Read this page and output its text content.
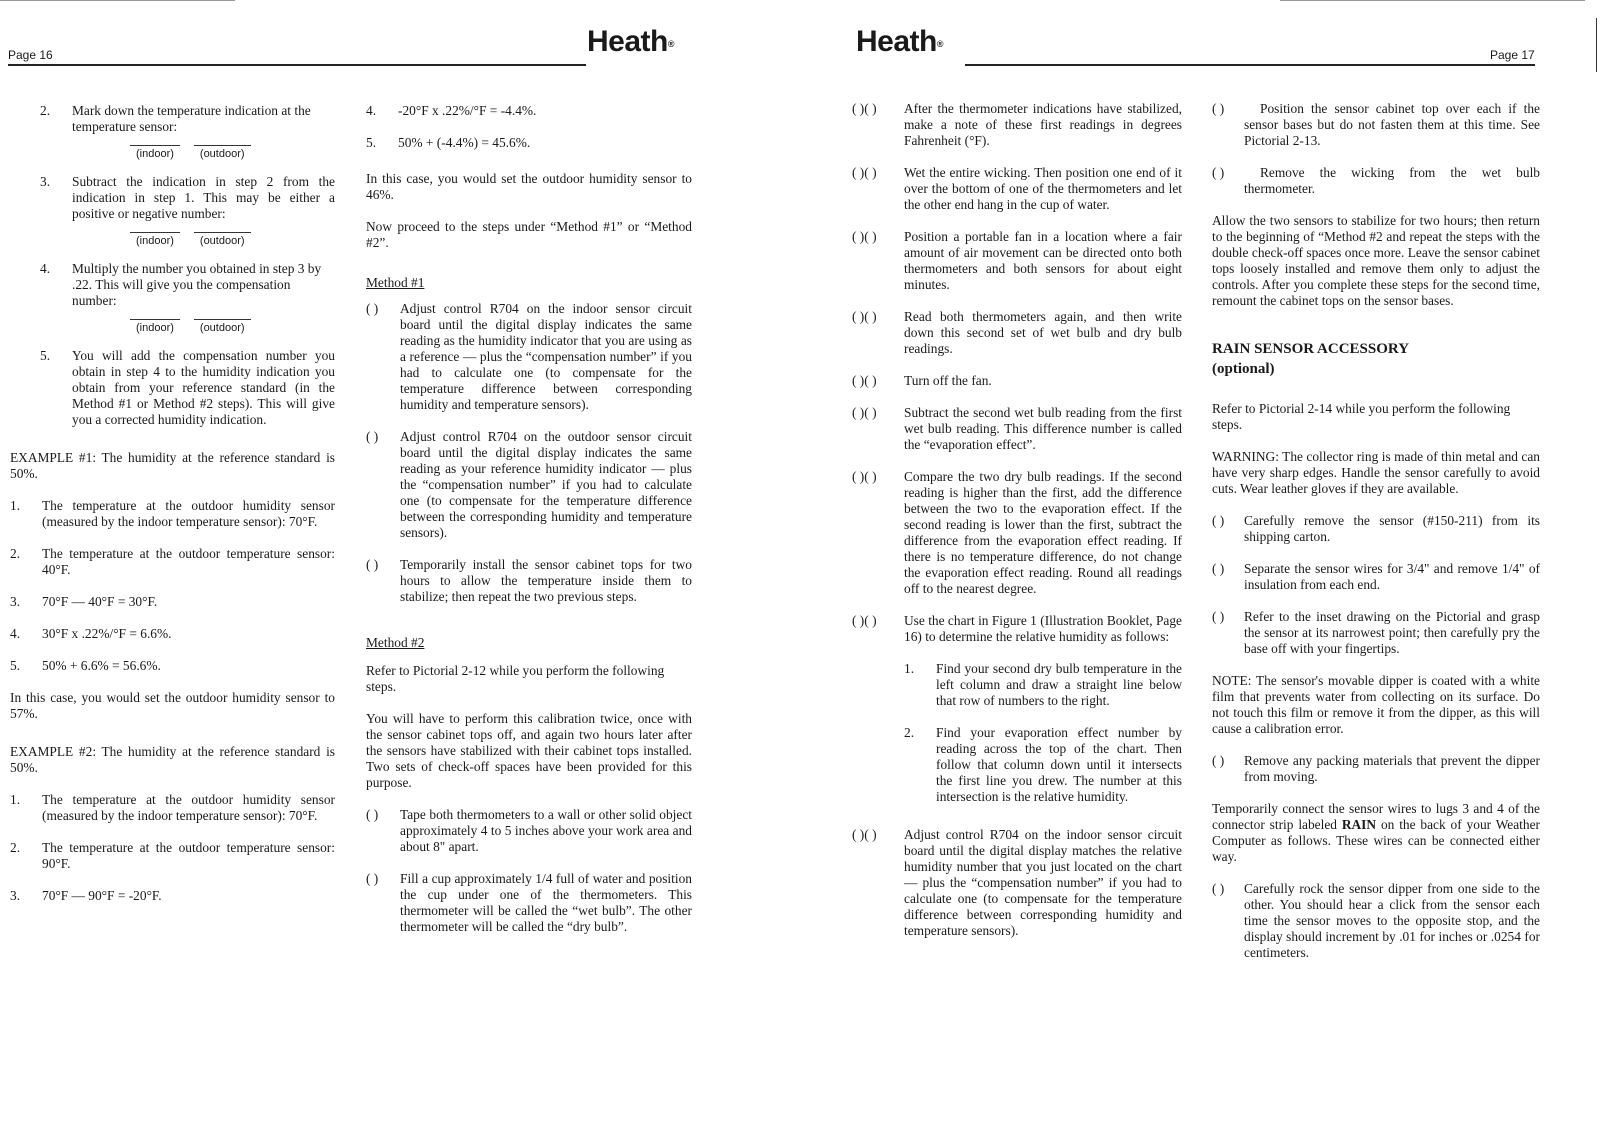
Page 16	Heath®	Heath®
Page 17
2. Mark down the temperature indication at the temperature sensor:
(indoor)	(outdoor)
3. Subtract the indication in step 2 from the indication in step 1. This may be either a positive or negative number:
(indoor)	(outdoor)
4. Multiply the number you obtained in step 3 by .22. This will give you the compensation number:
(indoor)	(outdoor)
5. You will add the compensation number you obtain in step 4 to the humidity indication you obtain from your reference standard (in the Method #1 or Method #2 steps). This will give you a corrected humidity indication.

EXAMPLE #1: The humidity at the reference standard is 50%.

1. The temperature at the outdoor humidity sensor (measured by the indoor temperature sensor): 70°F.
2. The temperature at the outdoor temperature sensor: 40°F.
3. 70°F — 40°F = 30°F.
4. 30°F x .22%/°F = 6.6%.
5. 50% + 6.6% = 56.6%.

In this case, you would set the outdoor humidity sensor to 57%.

EXAMPLE #2: The humidity at the reference standard is 50%.

1. The temperature at the outdoor humidity sensor (measured by the indoor temperature sensor): 70°F.
2. The temperature at the outdoor temperature sensor: 90°F.
3. 70°F — 90°F = -20°F.
4. -20°F x .22%/°F = -4.4%.
5. 50% + (-4.4%) = 45.6%.

In this case, you would set the outdoor humidity sensor to 46%.

Now proceed to the steps under “Method #1” or “Method #2”.

Method #1

( ) Adjust control R704 on the indoor sensor circuit board until the digital display indicates the same reading as the humidity indicator that you are using as a reference — plus the “compensation number” if you had to calculate one (to compensate for the temperature difference between corresponding humidity and temperature sensors).
( ) Adjust control R704 on the outdoor sensor circuit board until the digital display indicates the same reading as your reference humidity indicator — plus the “compensation number” if you had to calculate one (to compensate for the temperature difference between the corresponding humidity and temperature sensors).
( ) Temporarily install the sensor cabinet tops for two hours to allow the temperature inside them to stabilize; then repeat the two previous steps.

Method #2

Refer to Pictorial 2-12 while you perform the following steps.

You will have to perform this calibration twice, once with the sensor cabinet tops off, and again two hours later after the sensors have stabilized with their cabinet tops installed. Two sets of check-off spaces have been provided for this purpose.

( ) Tape both thermometers to a wall or other solid object approximately 4 to 5 inches above your work area and about 8" apart.
( ) Fill a cup approximately 1/4 full of water and position the cup under one of the thermometers. This thermometer will be called the “wet bulb”. The other thermometer will be called the “dry bulb”.
( )( ) After the thermometer indications have stabilized, make a note of these first readings in degrees Fahrenheit (°F).
( )( ) Wet the entire wicking. Then position one end of it over the bottom of one of the thermometers and let the other end hang in the cup of water.
( )( ) Position a portable fan in a location where a fair amount of air movement can be directed onto both thermometers and both sensors for about eight minutes.
( )( ) Read both thermometers again, and then write down this second set of wet bulb and dry bulb readings.
( )( ) Turn off the fan.
( )( ) Subtract the second wet bulb reading from the first wet bulb reading. This difference number is called the “evaporation effect”.
( )( ) Compare the two dry bulb readings. If the second reading is higher than the first, add the difference between the two to the evaporation effect. If the second reading is lower than the first, subtract the difference from the evaporation effect reading. If there is no temperature difference, do not change the evaporation effect reading. Round all readings off to the nearest degree.
( )( ) Use the chart in Figure 1 (Illustration Booklet, Page 16) to determine the relative humidity as follows:
1. Find your second dry bulb temperature in the left column and draw a straight line below that row of numbers to the right.
2. Find your evaporation effect number by reading across the top of the chart. Then follow that column down until it intersects the first line you drew. The number at this intersection is the relative humidity.
( )( ) Adjust control R704 on the indoor sensor circuit board until the digital display matches the relative humidity number that you just located on the chart — plus the “compensation number” if you had to calculate one (to compensate for the temperature difference between corresponding humidity and temperature sensors).
( )	Position the sensor cabinet top over each if the sensor bases but do not fasten them at this time. See Pictorial 2-13.
( )	Remove the wicking from the wet bulb thermometer.

Allow the two sensors to stabilize for two hours; then return to the beginning of “Method #2 and repeat the steps with the double check-off spaces once more. Leave the sensor cabinet tops loosely installed and remove them only to adjust the controls. After you complete these steps for the second time, remount the cabinet tops on the sensor bases.

RAIN SENSOR ACCESSORY
(optional)

Refer to Pictorial 2-14 while you perform the following steps.

WARNING: The collector ring is made of thin metal and can have very sharp edges. Handle the sensor carefully to avoid cuts. Wear leather gloves if they are available.

( ) Carefully remove the sensor (#150-211) from its shipping carton.
( ) Separate the sensor wires for 3/4" and remove 1/4" of insulation from each end.
( ) Refer to the inset drawing on the Pictorial and grasp the sensor at its narrowest point; then carefully pry the base off with your fingertips.

NOTE: The sensor's movable dipper is coated with a white film that prevents water from collecting on its surface. Do not touch this film or remove it from the dipper, as this will cause a calibration error.

( ) Remove any packing materials that prevent the dipper from moving.

Temporarily connect the sensor wires to lugs 3 and 4 of the connector strip labeled RAIN on the back of your Weather Computer as follows. These wires can be connected either way.

( ) Carefully rock the sensor dipper from one side to the other. You should hear a click from the sensor each time the sensor moves to the opposite stop, and the display should increment by .01 for inches or .0254 for centimeters.
